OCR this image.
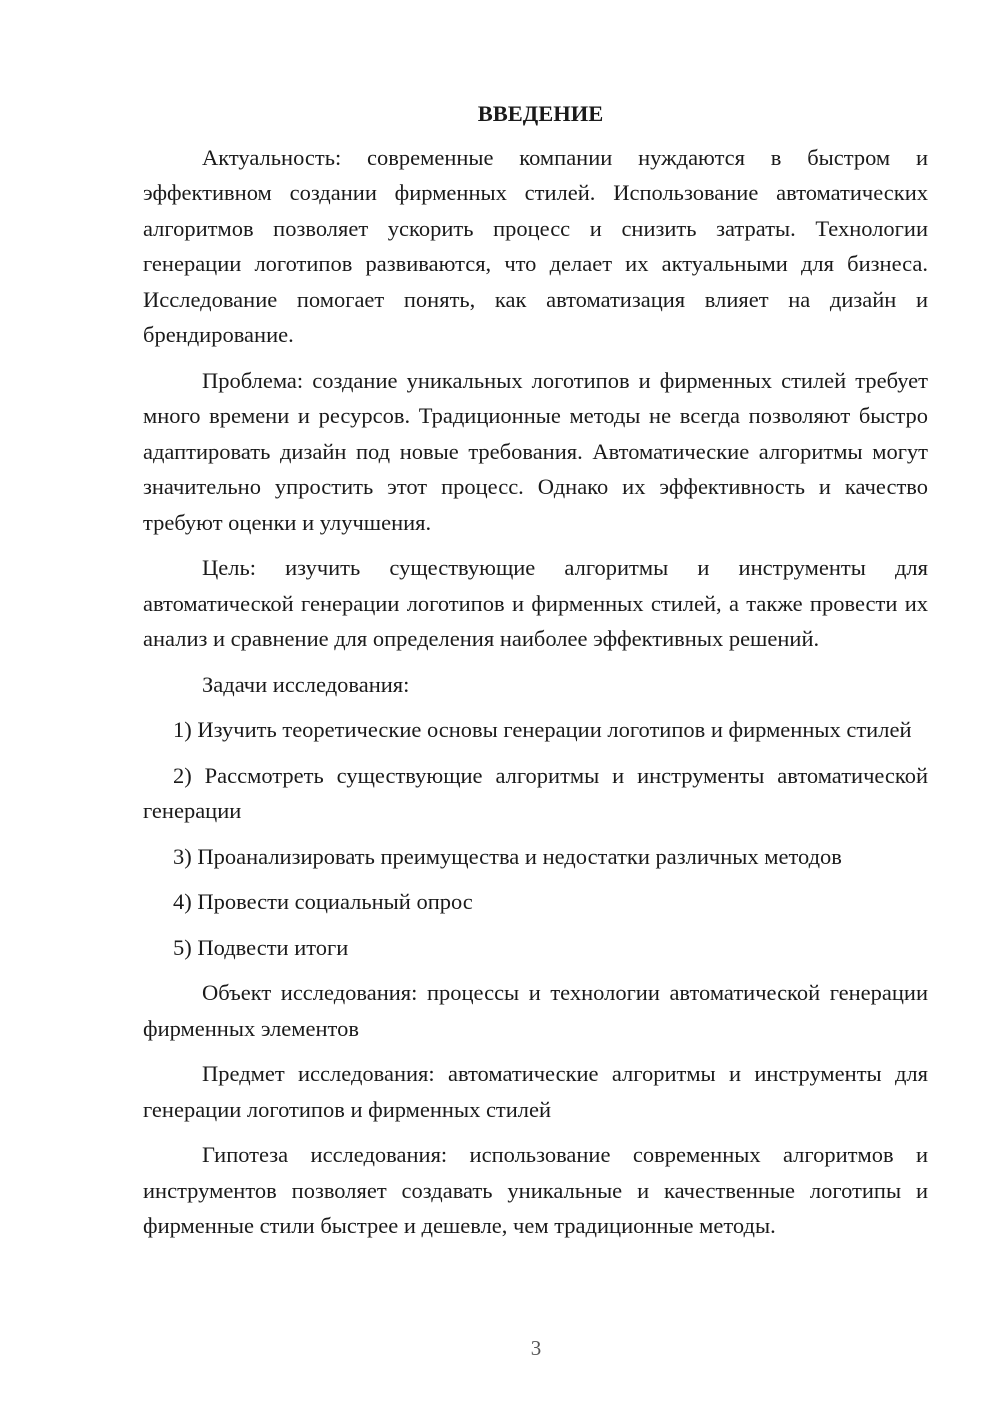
ВВЕДЕНИЕ

Актуальность: современные компании нуждаются в быстром и эффективном создании фирменных стилей. Использование автоматических алгоритмов позволяет ускорить процесс и снизить затраты. Технологии генерации логотипов развиваются, что делает их актуальными для бизнеса. Исследование помогает понять, как автоматизация влияет на дизайн и брендирование.

Проблема: создание уникальных логотипов и фирменных стилей требует много времени и ресурсов. Традиционные методы не всегда позволяют быстро адаптировать дизайн под новые требования. Автоматические алгоритмы могут значительно упростить этот процесс. Однако их эффективность и качество требуют оценки и улучшения.

Цель: изучить существующие алгоритмы и инструменты для автоматической генерации логотипов и фирменных стилей, а также провести их анализ и сравнение для определения наиболее эффективных решений.

Задачи исследования:

1) Изучить теоретические основы генерации логотипов и фирменных стилей

2) Рассмотреть существующие алгоритмы и инструменты автоматической генерации

3) Проанализировать преимущества и недостатки различных методов

4) Провести социальный опрос

5) Подвести итоги

Объект исследования: процессы и технологии автоматической генерации фирменных элементов

Предмет исследования: автоматические алгоритмы и инструменты для генерации логотипов и фирменных стилей

Гипотеза исследования: использование современных алгоритмов и инструментов позволяет создавать уникальные и качественные логотипы и фирменные стили быстрее и дешевле, чем традиционные методы.

3
